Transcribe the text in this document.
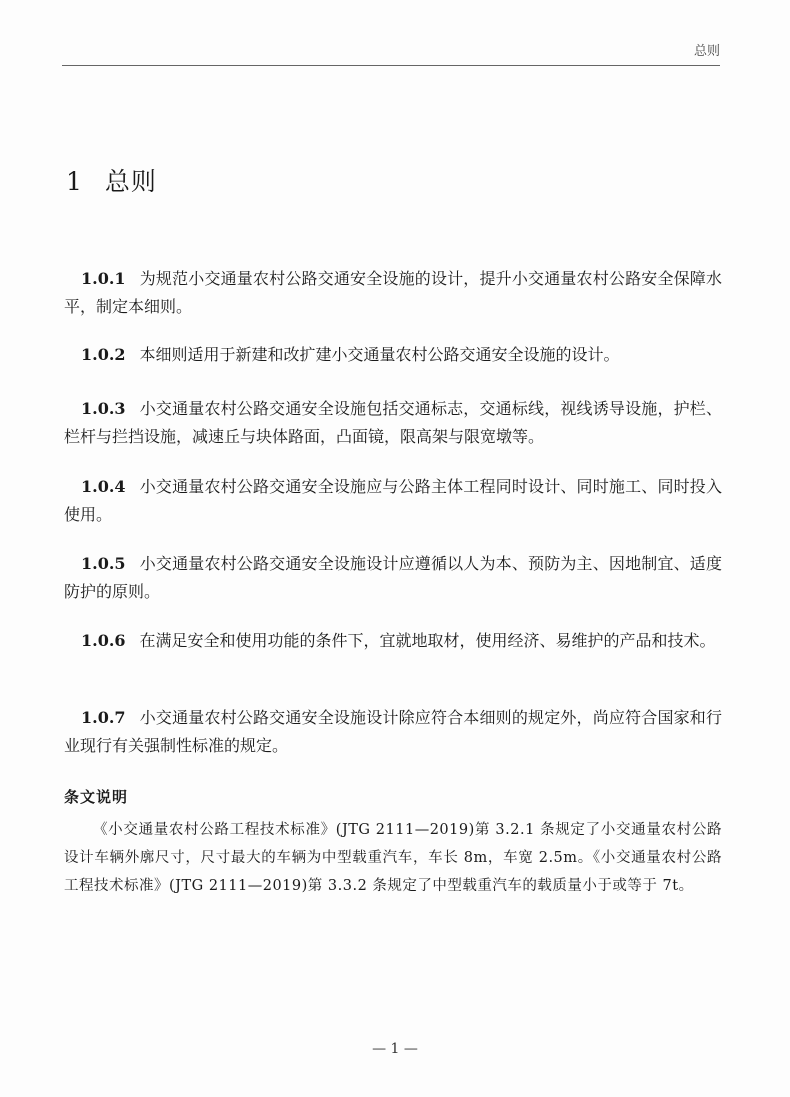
总则
1 总则

1.0.1 为规范小交通量农村公路交通安全设施的设计，提升小交通量农村公路安全保障水平，制定本细则。

1.0.2 本细则适用于新建和改扩建小交通量农村公路交通安全设施的设计。

1.0.3 小交通量农村公路交通安全设施包括交通标志，交通标线，视线诱导设施，护栏、栏杆与拦挡设施，减速丘与块体路面，凸面镜，限高架与限宽墩等。

1.0.4 小交通量农村公路交通安全设施应与公路主体工程同时设计、同时施工、同时投入使用。

1.0.5 小交通量农村公路交通安全设施设计应遵循以人为本、预防为主、因地制宜、适度防护的原则。

1.0.6 在满足安全和使用功能的条件下，宜就地取材，使用经济、易维护的产品和技术。

1.0.7 小交通量农村公路交通安全设施设计除应符合本细则的规定外，尚应符合国家和行业现行有关强制性标准的规定。

条文说明

《小交通量农村公路工程技术标准》(JTG 2111—2019)第 3.2.1 条规定了小交通量农村公路设计车辆外廓尺寸，尺寸最大的车辆为中型载重汽车，车长 8m，车宽 2.5m。《小交通量农村公路工程技术标准》(JTG 2111—2019)第 3.3.2 条规定了中型载重汽车的载质量小于或等于 7t。

— 1 —
